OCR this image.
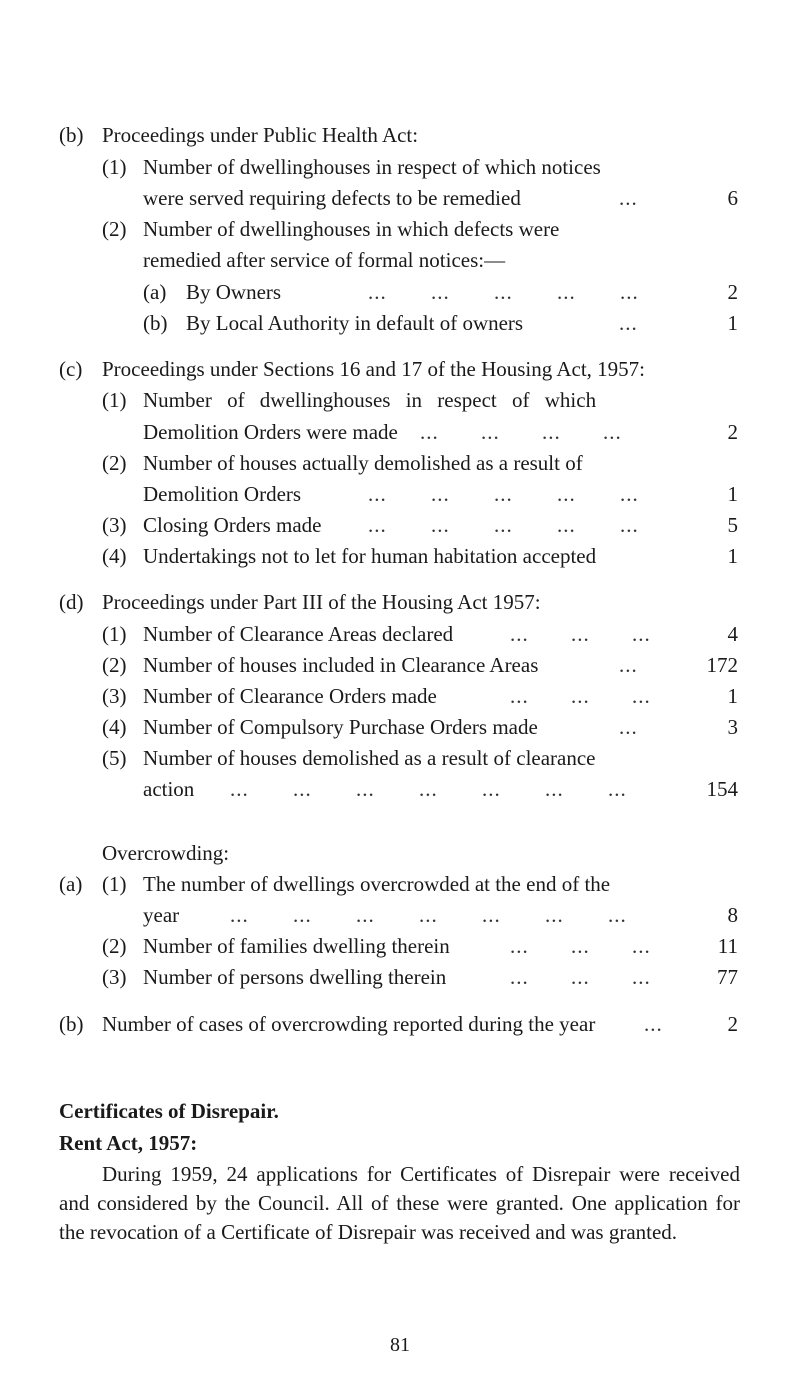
(b) Proceedings under Public Health Act:
(1) Number of dwellinghouses in respect of which notices
were served requiring defects to be remedied	...	6
(2) Number of dwellinghouses in which defects were
remedied after service of formal notices:—
(a) By Owners	... ... ... ... ...	2
(b) By Local Authority in default of owners	...	1
(c) Proceedings under Sections 16 and 17 of the Housing Act, 1957:
(1) Number of dwellinghouses in respect of which
Demolition Orders were made ... ... ... ...	2
(2) Number of houses actually demolished as a result of
Demolition Orders	... ... ... ... ...	1
(3) Closing Orders made ... ... ... ... ...	5
(4) Undertakings not to let for human habitation accepted	1
(d) Proceedings under Part III of the Housing Act 1957:
(1) Number of Clearance Areas declared	... ... ...	4
(2) Number of houses included in Clearance Areas	...	172
(3) Number of Clearance Orders made	... ... ...	1
(4) Number of Compulsory Purchase Orders made	...	3
(5) Number of houses demolished as a result of clearance
action ... ... ... ... ... ... ...	154
Overcrowding:
(a) (1) The number of dwellings overcrowded at the end of the
year ... ... ... ... ... ... ...	8
(2) Number of families dwelling therein	... ... ...	11
(3) Number of persons dwelling therein	... ... ...	77
(b) Number of cases of overcrowding reported during the year ...	2
Certificates of Disrepair.
Rent Act, 1957:
During 1959, 24 applications for Certificates of Disrepair were received and considered by the Council. All of these were granted. One application for the revocation of a Certificate of Disrepair was received and was granted.
81
